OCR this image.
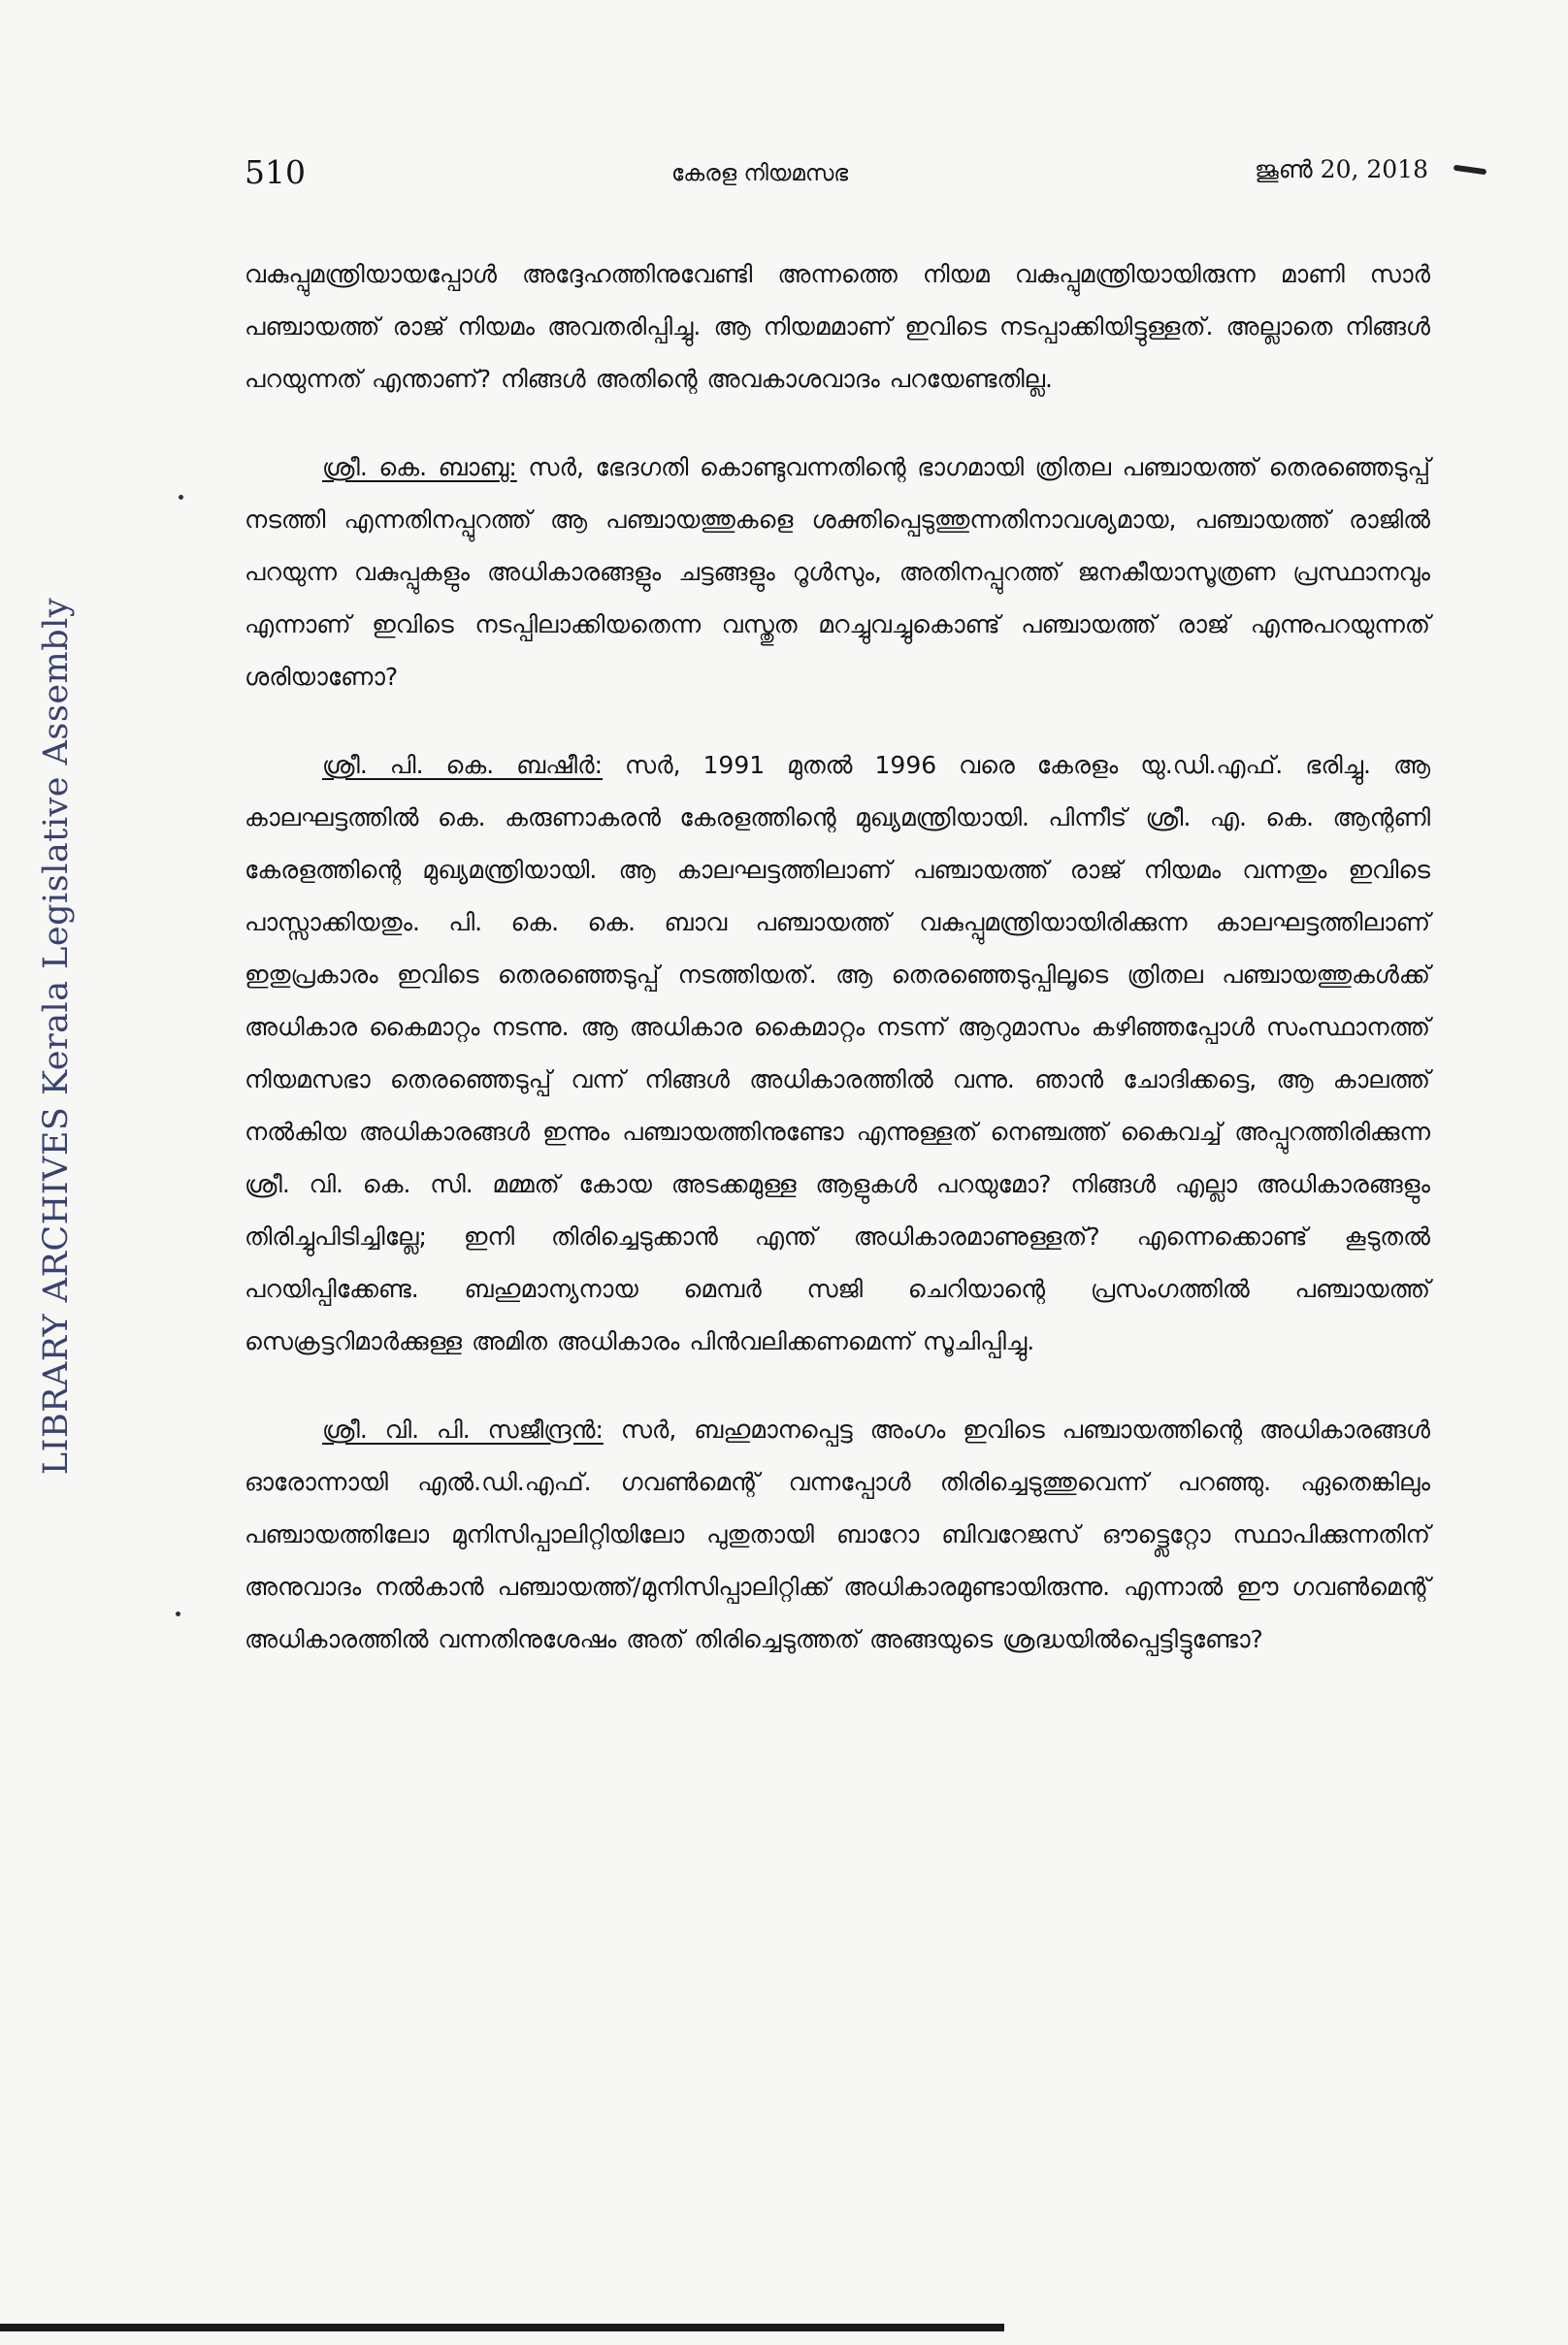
510	കേരള നിയമസഭ	ജൂൺ 20, 2018
LIBRARY ARCHIVES Kerala Legislative Assembly

വകുപ്പുമന്ത്രിയായപ്പോൾ അദ്ദേഹത്തിനുവേണ്ടി അന്നത്തെ നിയമ വകുപ്പുമന്ത്രിയായിരുന്ന മാണി സാർ പഞ്ചായത്ത് രാജ് നിയമം അവതരിപ്പിച്ചു. ആ നിയമമാണ് ഇവിടെ നടപ്പാക്കിയിട്ടുള്ളത്. അല്ലാതെ നിങ്ങൾ പറയുന്നത് എന്താണ്? നിങ്ങൾ അതിന്റെ അവകാശവാദം പറയേണ്ടതില്ല.

ശ്രീ. കെ. ബാബു: സർ, ഭേദഗതി കൊണ്ടുവന്നതിന്റെ ഭാഗമായി ത്രിതല പഞ്ചായത്ത് തെരഞ്ഞെടുപ്പ് നടത്തി എന്നതിനപ്പുറത്ത് ആ പഞ്ചായത്തുകളെ ശക്തിപ്പെടുത്തുന്നതിനാവശ്യമായ, പഞ്ചായത്ത് രാജിൽ പറയുന്ന വകുപ്പുകളും അധികാരങ്ങളും ചട്ടങ്ങളും റൂൾസും, അതിനപ്പുറത്ത് ജനകീയാസൂത്രണ പ്രസ്ഥാനവും എന്നാണ് ഇവിടെ നടപ്പിലാക്കിയതെന്ന വസ്തുത മറച്ചുവച്ചുകൊണ്ട് പഞ്ചായത്ത് രാജ് എന്നുപറയുന്നത് ശരിയാണോ?

ശ്രീ. പി. കെ. ബഷീർ: സർ, 1991 മുതൽ 1996 വരെ കേരളം യു.ഡി.എഫ്. ഭരിച്ചു. ആ കാലഘട്ടത്തിൽ കെ. കരുണാകരൻ കേരളത്തിന്റെ മുഖ്യമന്ത്രിയായി. പിന്നീട് ശ്രീ. എ. കെ. ആന്റണി കേരളത്തിന്റെ മുഖ്യമന്ത്രിയായി. ആ കാലഘട്ടത്തിലാണ് പഞ്ചായത്ത് രാജ് നിയമം വന്നതും ഇവിടെ പാസ്സാക്കിയതും. പി. കെ. കെ. ബാവ പഞ്ചായത്ത് വകുപ്പുമന്ത്രിയായിരിക്കുന്ന കാലഘട്ടത്തിലാണ് ഇതുപ്രകാരം ഇവിടെ തെരഞ്ഞെടുപ്പ് നടത്തിയത്. ആ തെരഞ്ഞെടുപ്പിലൂടെ ത്രിതല പഞ്ചായത്തുകൾക്ക് അധികാര കൈമാറ്റം നടന്നു. ആ അധികാര കൈമാറ്റം നടന്ന് ആറുമാസം കഴിഞ്ഞപ്പോൾ സംസ്ഥാനത്ത് നിയമസഭാ തെരഞ്ഞെടുപ്പ് വന്ന് നിങ്ങൾ അധികാരത്തിൽ വന്നു. ഞാൻ ചോദിക്കട്ടെ, ആ കാലത്ത് നൽകിയ അധികാരങ്ങൾ ഇന്നും പഞ്ചായത്തിനുണ്ടോ എന്നുള്ളത് നെഞ്ചത്ത് കൈവച്ച് അപ്പുറത്തിരിക്കുന്ന ശ്രീ. വി. കെ. സി. മമ്മത് കോയ അടക്കമുള്ള ആളുകൾ പറയുമോ? നിങ്ങൾ എല്ലാ അധികാരങ്ങളും തിരിച്ചുപിടിച്ചില്ലേ; ഇനി തിരിച്ചെടുക്കാൻ എന്ത് അധികാരമാണുള്ളത്? എന്നെക്കൊണ്ട് കൂടുതൽ പറയിപ്പിക്കേണ്ട. ബഹുമാന്യനായ മെമ്പർ സജി ചെറിയാന്റെ പ്രസംഗത്തിൽ പഞ്ചായത്ത് സെക്രട്ടറിമാർക്കുള്ള അമിത അധികാരം പിൻവലിക്കണമെന്ന് സൂചിപ്പിച്ചു.

ശ്രീ. വി. പി. സജീന്ദ്രൻ: സർ, ബഹുമാനപ്പെട്ട അംഗം ഇവിടെ പഞ്ചായത്തിന്റെ അധികാരങ്ങൾ ഓരോന്നായി എൽ.ഡി.എഫ്. ഗവൺമെന്റ് വന്നപ്പോൾ തിരിച്ചെടുത്തുവെന്ന് പറഞ്ഞു. ഏതെങ്കിലും പഞ്ചായത്തിലോ മുനിസിപ്പാലിറ്റിയിലോ പുതുതായി ബാറോ ബിവറേജസ് ഔട്ട്ലെറ്റോ സ്ഥാപിക്കുന്നതിന് അനുവാദം നൽകാൻ പഞ്ചായത്ത്/മുനിസിപ്പാലിറ്റിക്ക് അധികാരമുണ്ടായിരുന്നു. എന്നാൽ ഈ ഗവൺമെന്റ് അധികാരത്തിൽ വന്നതിനുശേഷം അത് തിരിച്ചെടുത്തത് അങ്ങയുടെ ശ്രദ്ധയിൽപ്പെട്ടിട്ടുണ്ടോ?
